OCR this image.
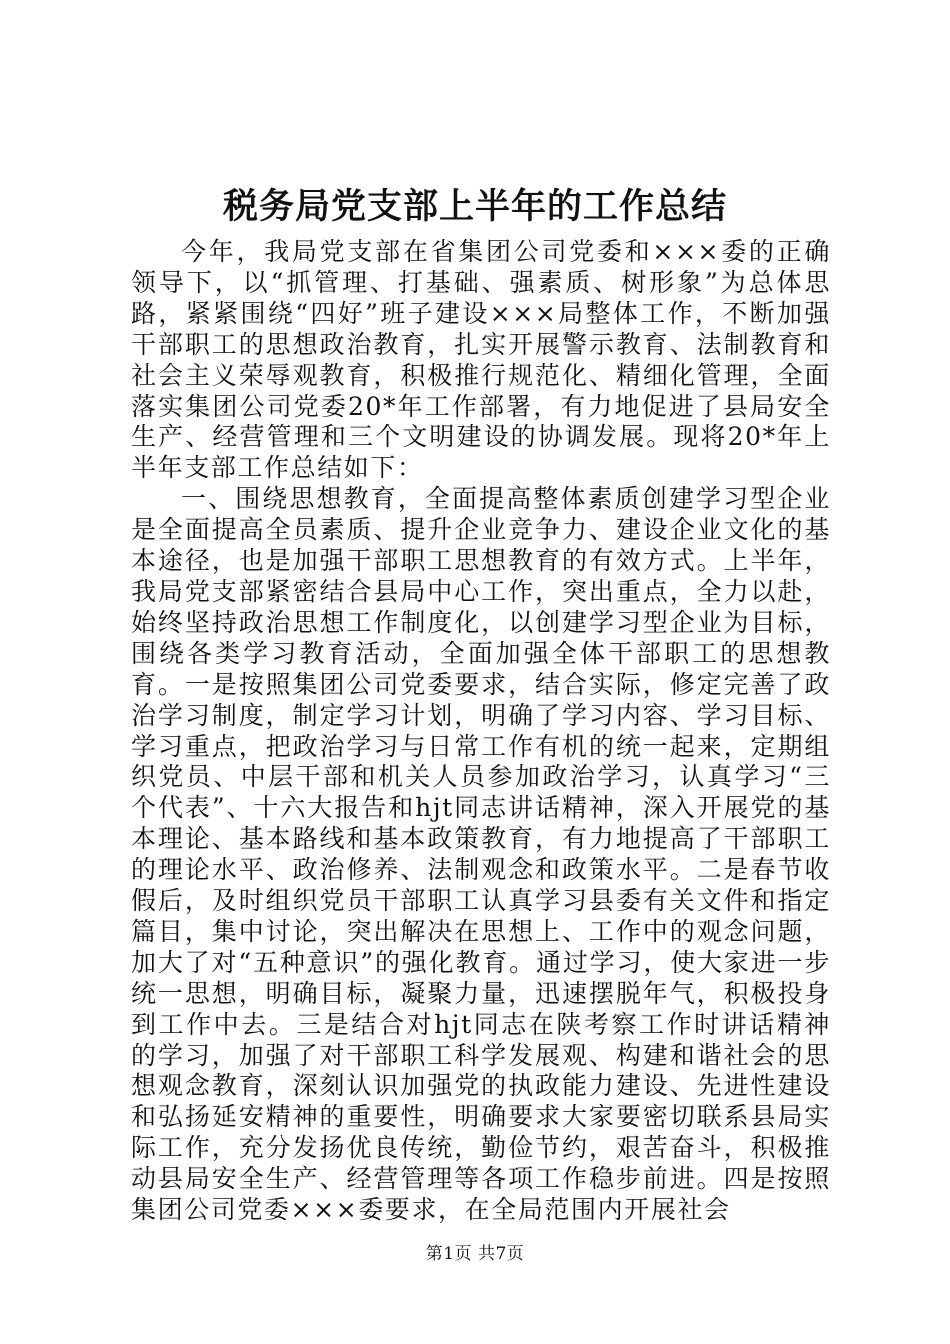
税务局党支部上半年的工作总结

今年，我局党支部在省集团公司党委和×××委的正确领导下，以“抓管理、打基础、强素质、树形象”为总体思路，紧紧围绕“四好”班子建设×××局整体工作，不断加强干部职工的思想政治教育，扎实开展警示教育、法制教育和社会主义荣辱观教育，积极推行规范化、精细化管理，全面落实集团公司党委20*年工作部署，有力地促进了县局安全生产、经营管理和三个文明建设的协调发展。现将20*年上半年支部工作总结如下：

一、围绕思想教育，全面提高整体素质创建学习型企业是全面提高全员素质、提升企业竞争力、建设企业文化的基本途径，也是加强干部职工思想教育的有效方式。上半年，我局党支部紧密结合县局中心工作，突出重点，全力以赴，始终坚持政治思想工作制度化，以创建学习型企业为目标，围绕各类学习教育活动，全面加强全体干部职工的思想教育。一是按照集团公司党委要求，结合实际，修定完善了政治学习制度，制定学习计划，明确了学习内容、学习目标、学习重点，把政治学习与日常工作有机的统一起来，定期组织党员、中层干部和机关人员参加政治学习，认真学习“三个代表”、十六大报告和hjt同志讲话精神，深入开展党的基本理论、基本路线和基本政策教育，有力地提高了干部职工的理论水平、政治修养、法制观念和政策水平。二是春节收假后，及时组织党员干部职工认真学习县委有关文件和指定篇目，集中讨论，突出解决在思想上、工作中的观念问题，加大了对“五种意识”的强化教育。通过学习，使大家进一步统一思想，明确目标，凝聚力量，迅速摆脱年气，积极投身到工作中去。三是结合对hjt同志在陕考察工作时讲话精神的学习，加强了对干部职工科学发展观、构建和谐社会的思想观念教育，深刻认识加强党的执政能力建设、先进性建设和弘扬延安精神的重要性，明确要求大家要密切联系县局实际工作，充分发扬优良传统，勤俭节约，艰苦奋斗，积极推动县局安全生产、经营管理等各项工作稳步前进。四是按照集团公司党委×××委要求，在全局范围内开展社会

第1页 共7页
